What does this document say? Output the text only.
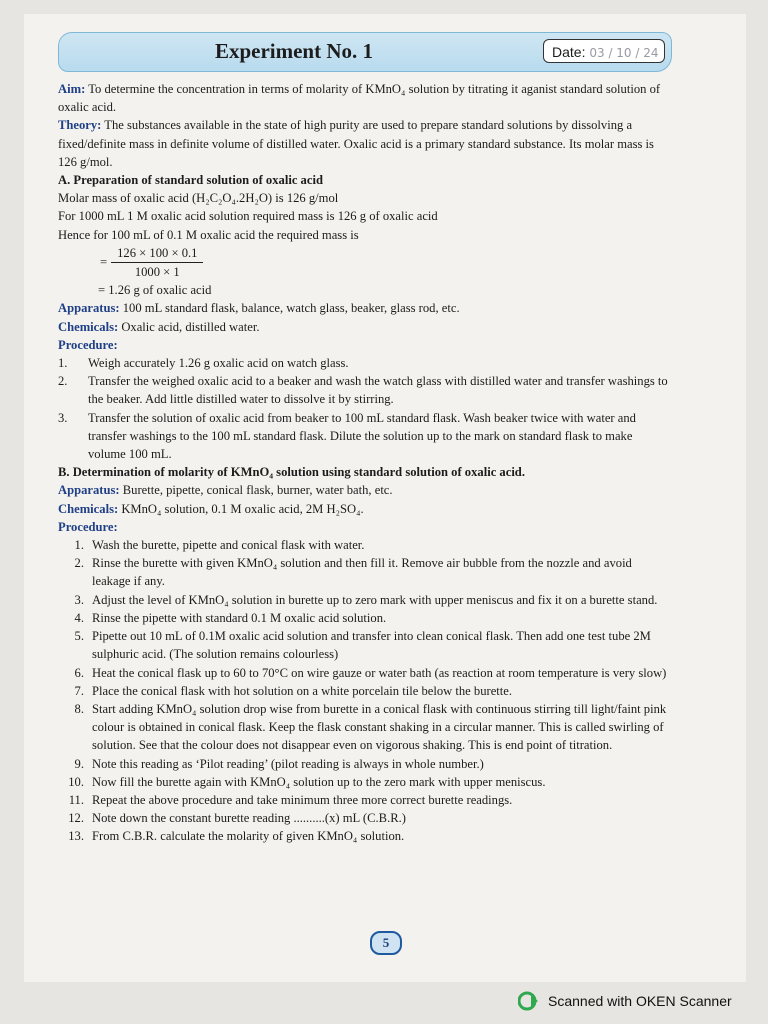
Experiment No. 1	Date: 03 / 10 / 24

Aim: To determine the concentration in terms of molarity of KMnO₄ solution by titrating it aganist standard solution of oxalic acid.

Theory: The substances available in the state of high purity are used to prepare standard solutions by dissolving a fixed/definite mass in definite volume of distilled water. Oxalic acid is a primary standard substance. Its molar mass is 126 g/mol.

A. Preparation of standard solution of oxalic acid

Molar mass of oxalic acid (H₂C₂O₄.2H₂O) is 126 g/mol

For 1000 mL 1 M oxalic acid solution required mass is 126 g of oxalic acid

Hence for 100 mL of 0.1 M oxalic acid the required mass is

= $\frac{126 \times 100 \times 0.1}{1000 \times 1}$

= 1.26 g of oxalic acid

Apparatus: 100 mL standard flask, balance, watch glass, beaker, glass rod, etc.

Chemicals: Oxalic acid, distilled water.

Procedure:

1.	Weigh accurately 1.26 g oxalic acid on watch glass.
2.	Transfer the weighed oxalic acid to a beaker and wash the watch glass with distilled water and transfer washings to the beaker. Add little distilled water to dissolve it by stirring.
3.	Transfer the solution of oxalic acid from beaker to 100 mL standard flask. Wash beaker twice with water and transfer washings to the 100 mL standard flask. Dilute the solution up to the mark on standard flask to make volume 100 mL.

B. Determination of molarity of KMnO₄ solution using standard solution of oxalic acid.

Apparatus: Burette, pipette, conical flask, burner, water bath, etc.

Chemicals: KMnO₄ solution, 0.1 M oxalic acid, 2M H₂SO₄.

Procedure:

1. Wash the burette, pipette and conical flask with water.
2. Rinse the burette with given KMnO₄ solution and then fill it. Remove air bubble from the nozzle and avoid leakage if any.
3. Adjust the level of KMnO₄ solution in burette up to zero mark with upper meniscus and fix it on a burette stand.
4. Rinse the pipette with standard 0.1 M oxalic acid solution.
5. Pipette out 10 mL of 0.1M oxalic acid solution and transfer into clean conical flask. Then add one test tube 2M sulphuric acid. (The solution remains colourless)
6. Heat the conical flask up to 60 to 70°C on wire gauze or water bath (as reaction at room temperature is very slow)
7. Place the conical flask with hot solution on a white porcelain tile below the burette.
8. Start adding KMnO₄ solution drop wise from burette in a conical flask with continuous stirring till light/faint pink colour is obtained in conical flask. Keep the flask constant shaking in a circular manner. This is called swirling of solution. See that the colour does not disappear even on vigorous shaking. This is end point of titration.
9. Note this reading as ‘Pilot reading’ (pilot reading is always in whole number.)
10. Now fill the burette again with KMnO₄ solution up to the zero mark with upper meniscus.
11. Repeat the above procedure and take minimum three more correct burette readings.
12. Note down the constant burette reading ..........(x) mL (C.B.R.)
13. From C.B.R. calculate the molarity of given KMnO₄ solution.
5
Scanned with OKEN Scanner
